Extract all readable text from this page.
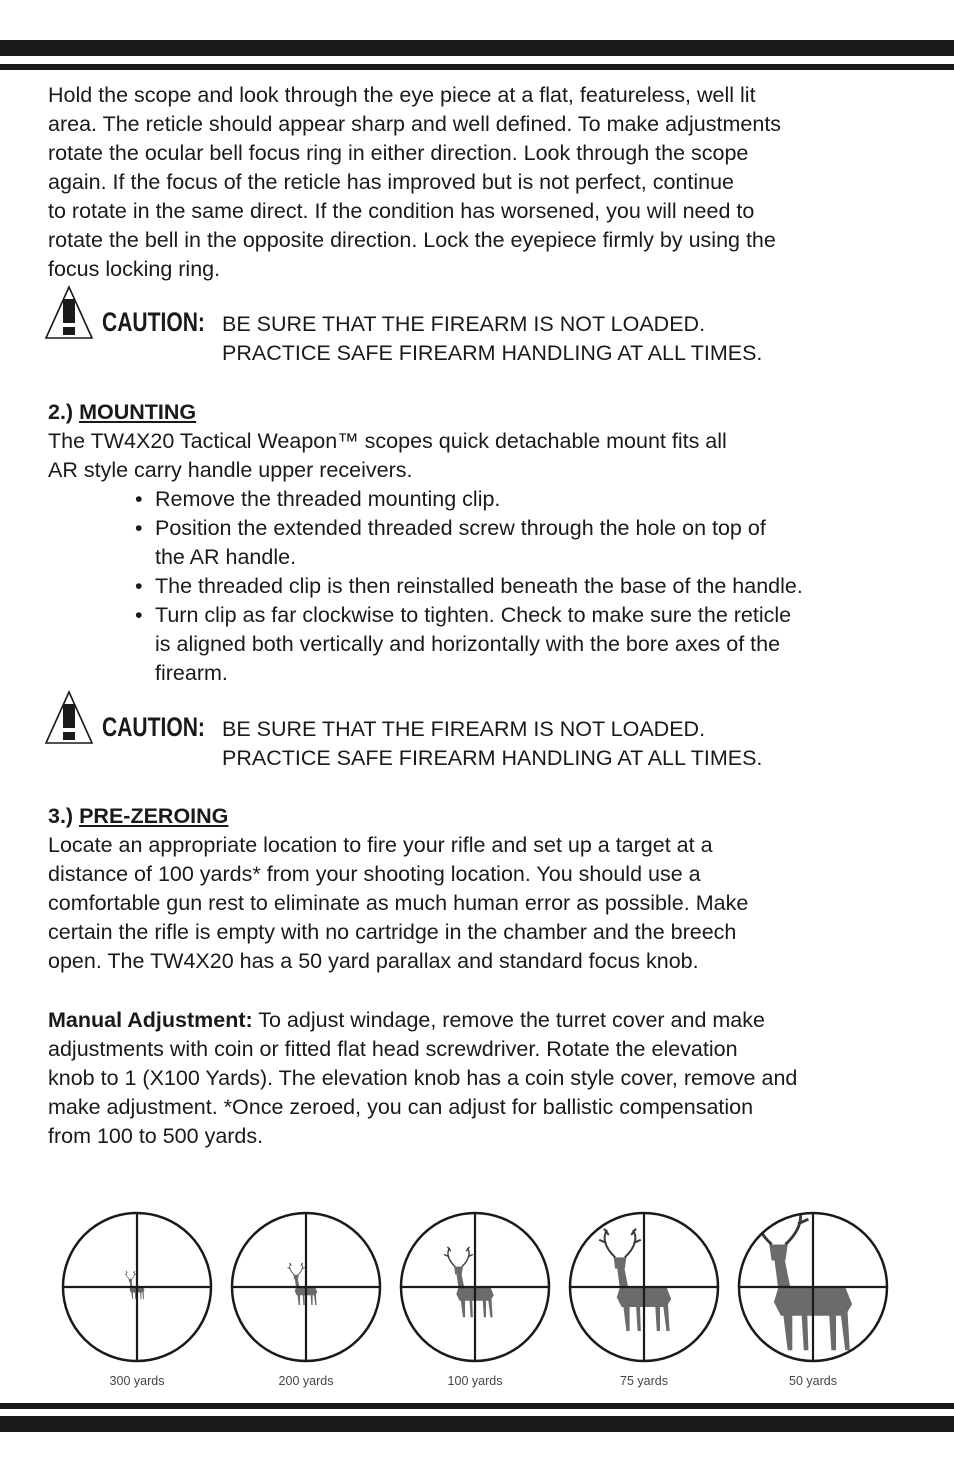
Hold the scope and look through the eye piece at a flat, featureless, well lit
area. The reticle should appear sharp and well defined. To make adjustments
rotate the ocular bell focus ring in either direction. Look through the scope
again. If the focus of the reticle has improved but is not perfect, continue
to rotate in the same direct. If the condition has worsened, you will need to
rotate the bell in the opposite direction. Lock the eyepiece firmly by using the
focus locking ring.
CAUTION: BE SURE THAT THE FIREARM IS NOT LOADED.
PRACTICE SAFE FIREARM HANDLING AT ALL TIMES.
2.) MOUNTING
The TW4X20 Tactical Weapon™ scopes quick detachable mount fits all
AR style carry handle upper receivers.
• Remove the threaded mounting clip.
• Position the extended threaded screw through the hole on top of
the AR handle.
• The threaded clip is then reinstalled beneath the base of the handle.
• Turn clip as far clockwise to tighten. Check to make sure the reticle
is aligned both vertically and horizontally with the bore axes of the
firearm.
CAUTION: BE SURE THAT THE FIREARM IS NOT LOADED.
PRACTICE SAFE FIREARM HANDLING AT ALL TIMES.
3.) PRE-ZEROING
Locate an appropriate location to fire your rifle and set up a target at a
distance of 100 yards* from your shooting location. You should use a
comfortable gun rest to eliminate as much human error as possible. Make
certain the rifle is empty with no cartridge in the chamber and the breech
open. The TW4X20 has a 50 yard parallax and standard focus knob.
Manual Adjustment: To adjust windage, remove the turret cover and make
adjustments with coin or fitted flat head screwdriver. Rotate the elevation
knob to 1 (X100 Yards). The elevation knob has a coin style cover, remove and
make adjustment. *Once zeroed, you can adjust for ballistic compensation
from 100 to 500 yards.
300 yards	200 yards	100 yards	75 yards	50 yards
